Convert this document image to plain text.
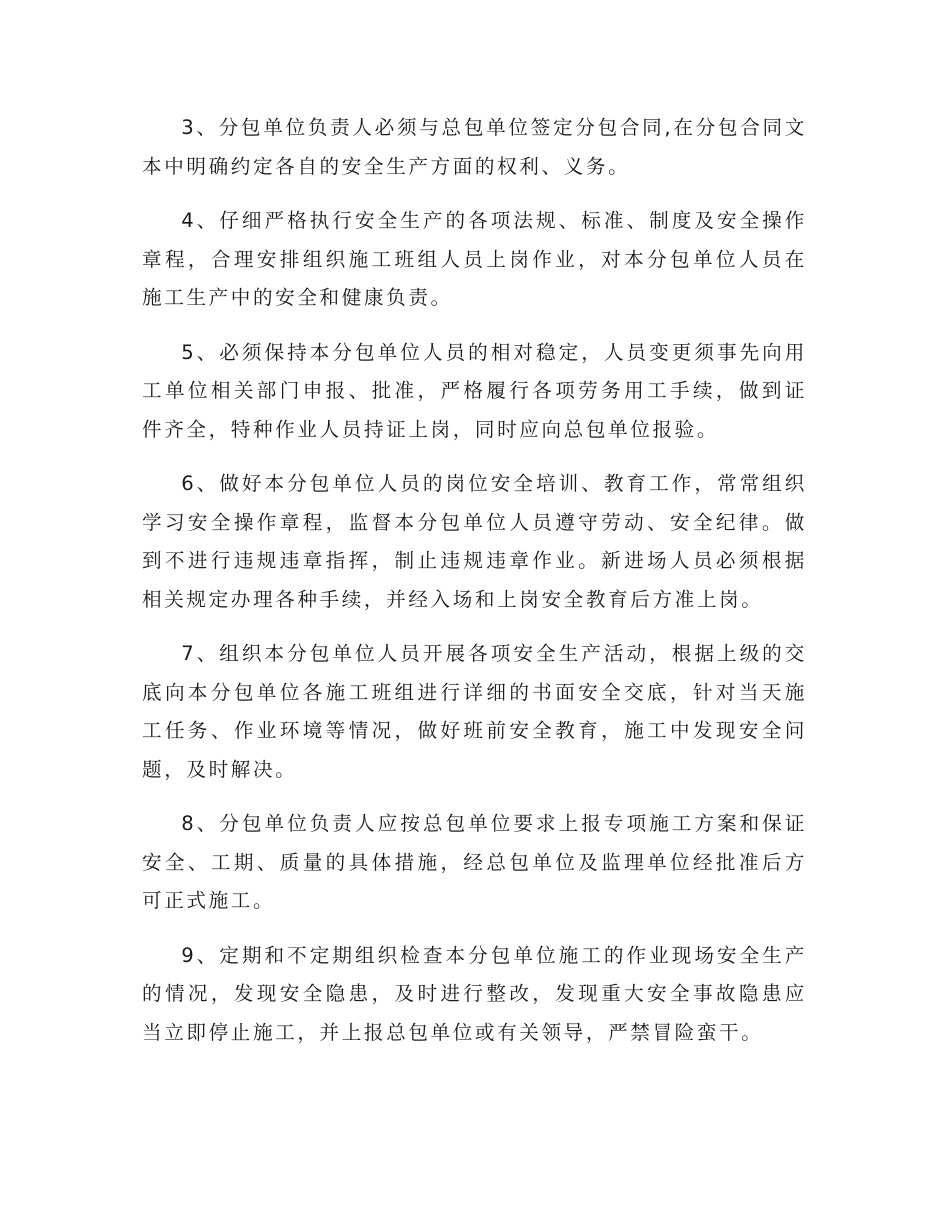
3、分包单位负责人必须与总包单位签定分包合同,在分包合同文本中明确约定各自的安全生产方面的权利、义务。

4、仔细严格执行安全生产的各项法规、标准、制度及安全操作章程，合理安排组织施工班组人员上岗作业，对本分包单位人员在施工生产中的安全和健康负责。

5、必须保持本分包单位人员的相对稳定，人员变更须事先向用工单位相关部门申报、批准，严格履行各项劳务用工手续，做到证件齐全，特种作业人员持证上岗，同时应向总包单位报验。

6、做好本分包单位人员的岗位安全培训、教育工作，常常组织学习安全操作章程，监督本分包单位人员遵守劳动、安全纪律。做到不进行违规违章指挥，制止违规违章作业。新进场人员必须根据相关规定办理各种手续，并经入场和上岗安全教育后方准上岗。

7、组织本分包单位人员开展各项安全生产活动，根据上级的交底向本分包单位各施工班组进行详细的书面安全交底，针对当天施工任务、作业环境等情况，做好班前安全教育，施工中发现安全问题，及时解决。

8、分包单位负责人应按总包单位要求上报专项施工方案和保证安全、工期、质量的具体措施，经总包单位及监理单位经批准后方可正式施工。

9、定期和不定期组织检查本分包单位施工的作业现场安全生产的情况，发现安全隐患，及时进行整改，发现重大安全事故隐患应当立即停止施工，并上报总包单位或有关领导，严禁冒险蛮干。
